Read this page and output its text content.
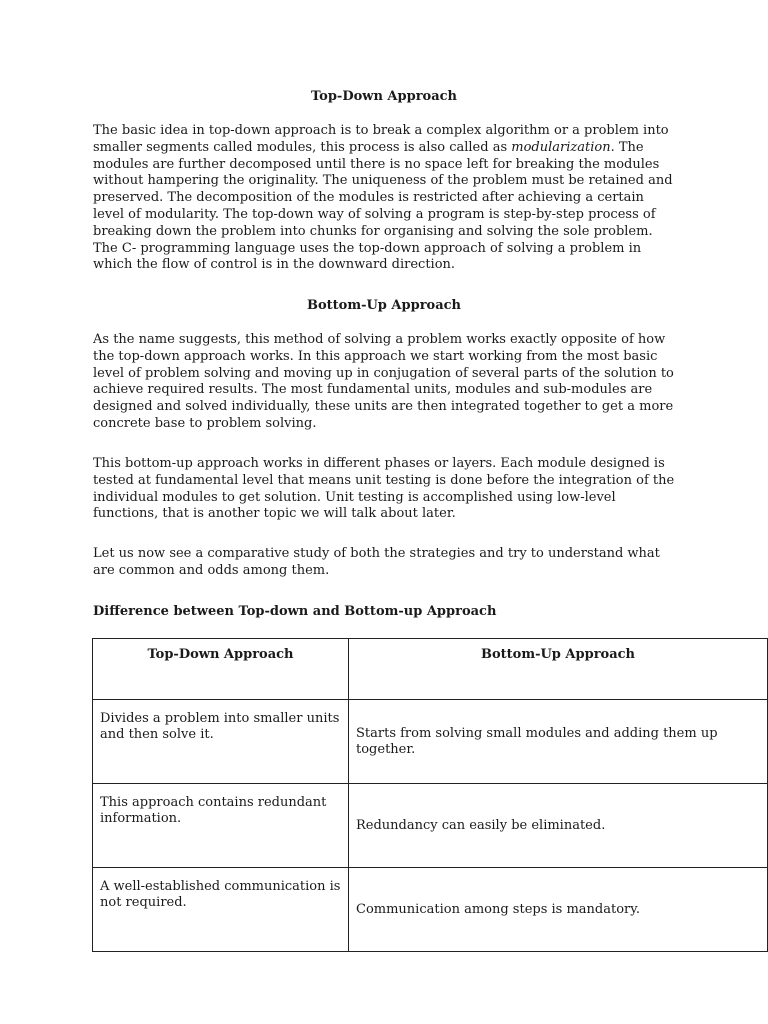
Top-Down Approach

The basic idea in top-down approach is to break a complex algorithm or a problem into smaller segments called modules, this process is also called as modularization. The modules are further decomposed until there is no space left for breaking the modules without hampering the originality. The uniqueness of the problem must be retained and preserved. The decomposition of the modules is restricted after achieving a certain level of modularity. The top-down way of solving a program is step-by-step process of breaking down the problem into chunks for organising and solving the sole problem. The C- programming language uses the top-down approach of solving a problem in which the flow of control is in the downward direction.

Bottom-Up Approach

As the name suggests, this method of solving a problem works exactly opposite of how the top-down approach works. In this approach we start working from the most basic level of problem solving and moving up in conjugation of several parts of the solution to achieve required results. The most fundamental units, modules and sub-modules are designed and solved individually, these units are then integrated together to get a more concrete base to problem solving.

This bottom-up approach works in different phases or layers. Each module designed is tested at fundamental level that means unit testing is done before the integration of the individual modules to get solution. Unit testing is accomplished using low-level functions, that is another topic we will talk about later.

Let us now see a comparative study of both the strategies and try to understand what are common and odds among them.

Difference between Top-down and Bottom-up Approach
Top-Down Approach	Bottom-Up Approach
Divides a problem into smaller units and then solve it.	Starts from solving small modules and adding them up together.
This approach contains redundant information.	Redundancy can easily be eliminated.
A well-established communication is not required.	Communication among steps is mandatory.
